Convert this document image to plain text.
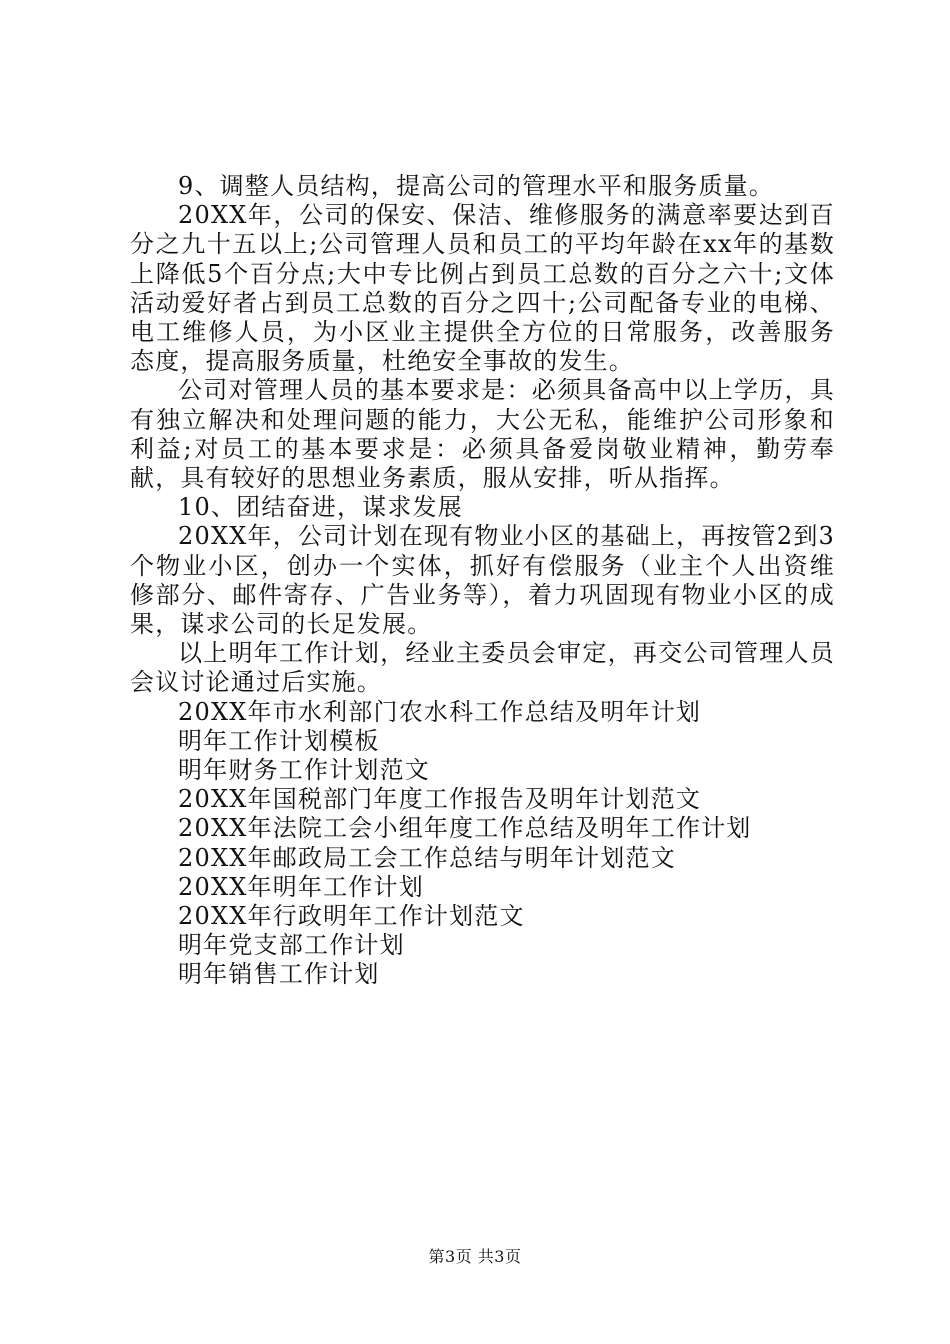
9、调整人员结构，提高公司的管理水平和服务质量。

20XX年，公司的保安、保洁、维修服务的满意率要达到百分之九十五以上;公司管理人员和员工的平均年龄在xx年的基数上降低5个百分点;大中专比例占到员工总数的百分之六十;文体活动爱好者占到员工总数的百分之四十;公司配备专业的电梯、电工维修人员，为小区业主提供全方位的日常服务，改善服务态度，提高服务质量，杜绝安全事故的发生。

公司对管理人员的基本要求是：必须具备高中以上学历，具有独立解决和处理问题的能力，大公无私，能维护公司形象和利益;对员工的基本要求是：必须具备爱岗敬业精神，勤劳奉献，具有较好的思想业务素质，服从安排，听从指挥。

10、团结奋进，谋求发展

20XX年，公司计划在现有物业小区的基础上，再按管2到3个物业小区，创办一个实体，抓好有偿服务（业主个人出资维修部分、邮件寄存、广告业务等），着力巩固现有物业小区的成果，谋求公司的长足发展。

以上明年工作计划，经业主委员会审定，再交公司管理人员会议讨论通过后实施。

20XX年市水利部门农水科工作总结及明年计划

明年工作计划模板

明年财务工作计划范文

20XX年国税部门年度工作报告及明年计划范文

20XX年法院工会小组年度工作总结及明年工作计划

20XX年邮政局工会工作总结与明年计划范文

20XX年明年工作计划

20XX年行政明年工作计划范文

明年党支部工作计划

明年销售工作计划

第3页 共3页
